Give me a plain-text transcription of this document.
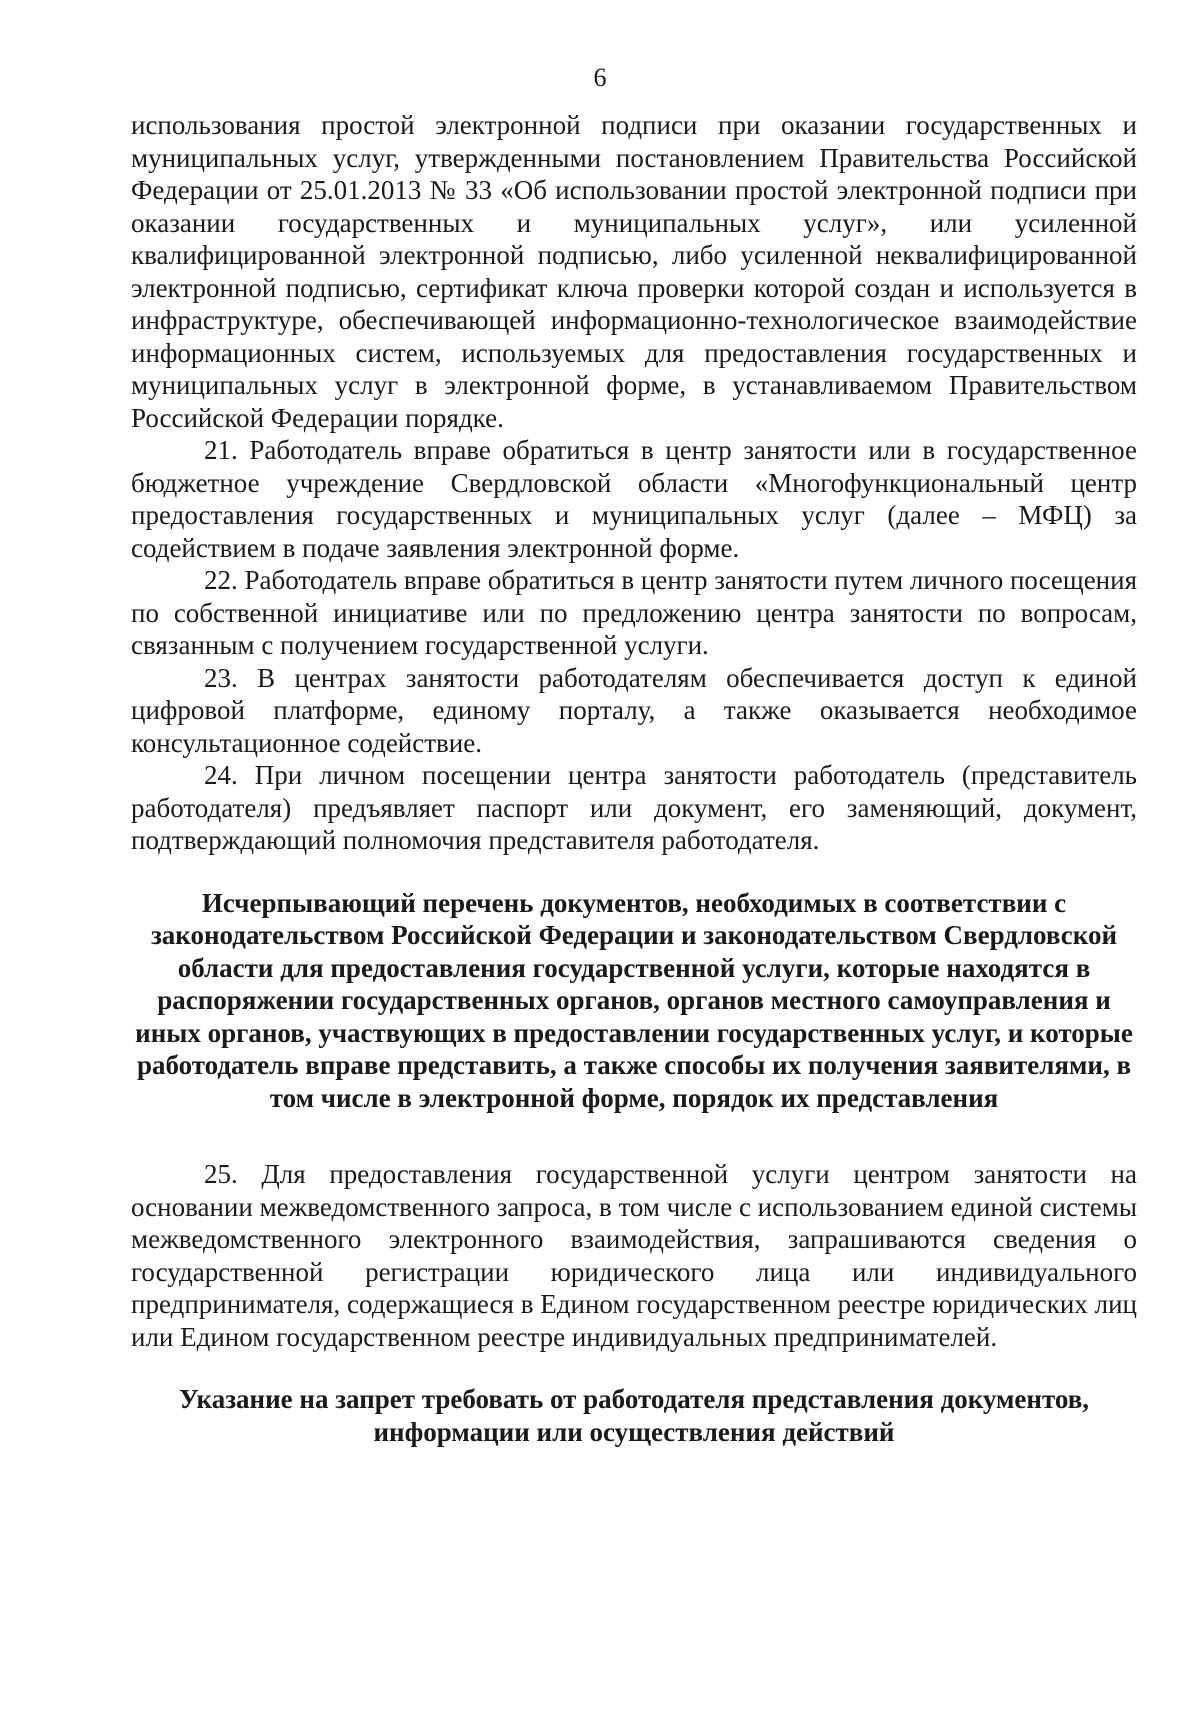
6

использования простой электронной подписи при оказании государственных и муниципальных услуг, утвержденными постановлением Правительства Российской Федерации от 25.01.2013 № 33 «Об использовании простой электронной подписи при оказании государственных и муниципальных услуг», или усиленной квалифицированной электронной подписью, либо усиленной неквалифицированной электронной подписью, сертификат ключа проверки которой создан и используется в инфраструктуре, обеспечивающей информационно-технологическое взаимодействие информационных систем, используемых для предоставления государственных и муниципальных услуг в электронной форме, в устанавливаемом Правительством Российской Федерации порядке.

21. Работодатель вправе обратиться в центр занятости или в государственное бюджетное учреждение Свердловской области «Многофункциональный центр предоставления государственных и муниципальных услуг (далее – МФЦ) за содействием в подаче заявления электронной форме.

22. Работодатель вправе обратиться в центр занятости путем личного посещения по собственной инициативе или по предложению центра занятости по вопросам, связанным с получением государственной услуги.

23. В центрах занятости работодателям обеспечивается доступ к единой цифровой платформе, единому порталу, а также оказывается необходимое консультационное содействие.

24. При личном посещении центра занятости работодатель (представитель работодателя) предъявляет паспорт или документ, его заменяющий, документ, подтверждающий полномочия представителя работодателя.

Исчерпывающий перечень документов, необходимых в соответствии с законодательством Российской Федерации и законодательством Свердловской области для предоставления государственной услуги, которые находятся в распоряжении государственных органов, органов местного самоуправления и иных органов, участвующих в предоставлении государственных услуг, и которые работодатель вправе представить, а также способы их получения заявителями, в том числе в электронной форме, порядок их представления

25. Для предоставления государственной услуги центром занятости на основании межведомственного запроса, в том числе с использованием единой системы межведомственного электронного взаимодействия, запрашиваются сведения о государственной регистрации юридического лица или индивидуального предпринимателя, содержащиеся в Едином государственном реестре юридических лиц или Едином государственном реестре индивидуальных предпринимателей.

Указание на запрет требовать от работодателя представления документов, информации или осуществления действий
